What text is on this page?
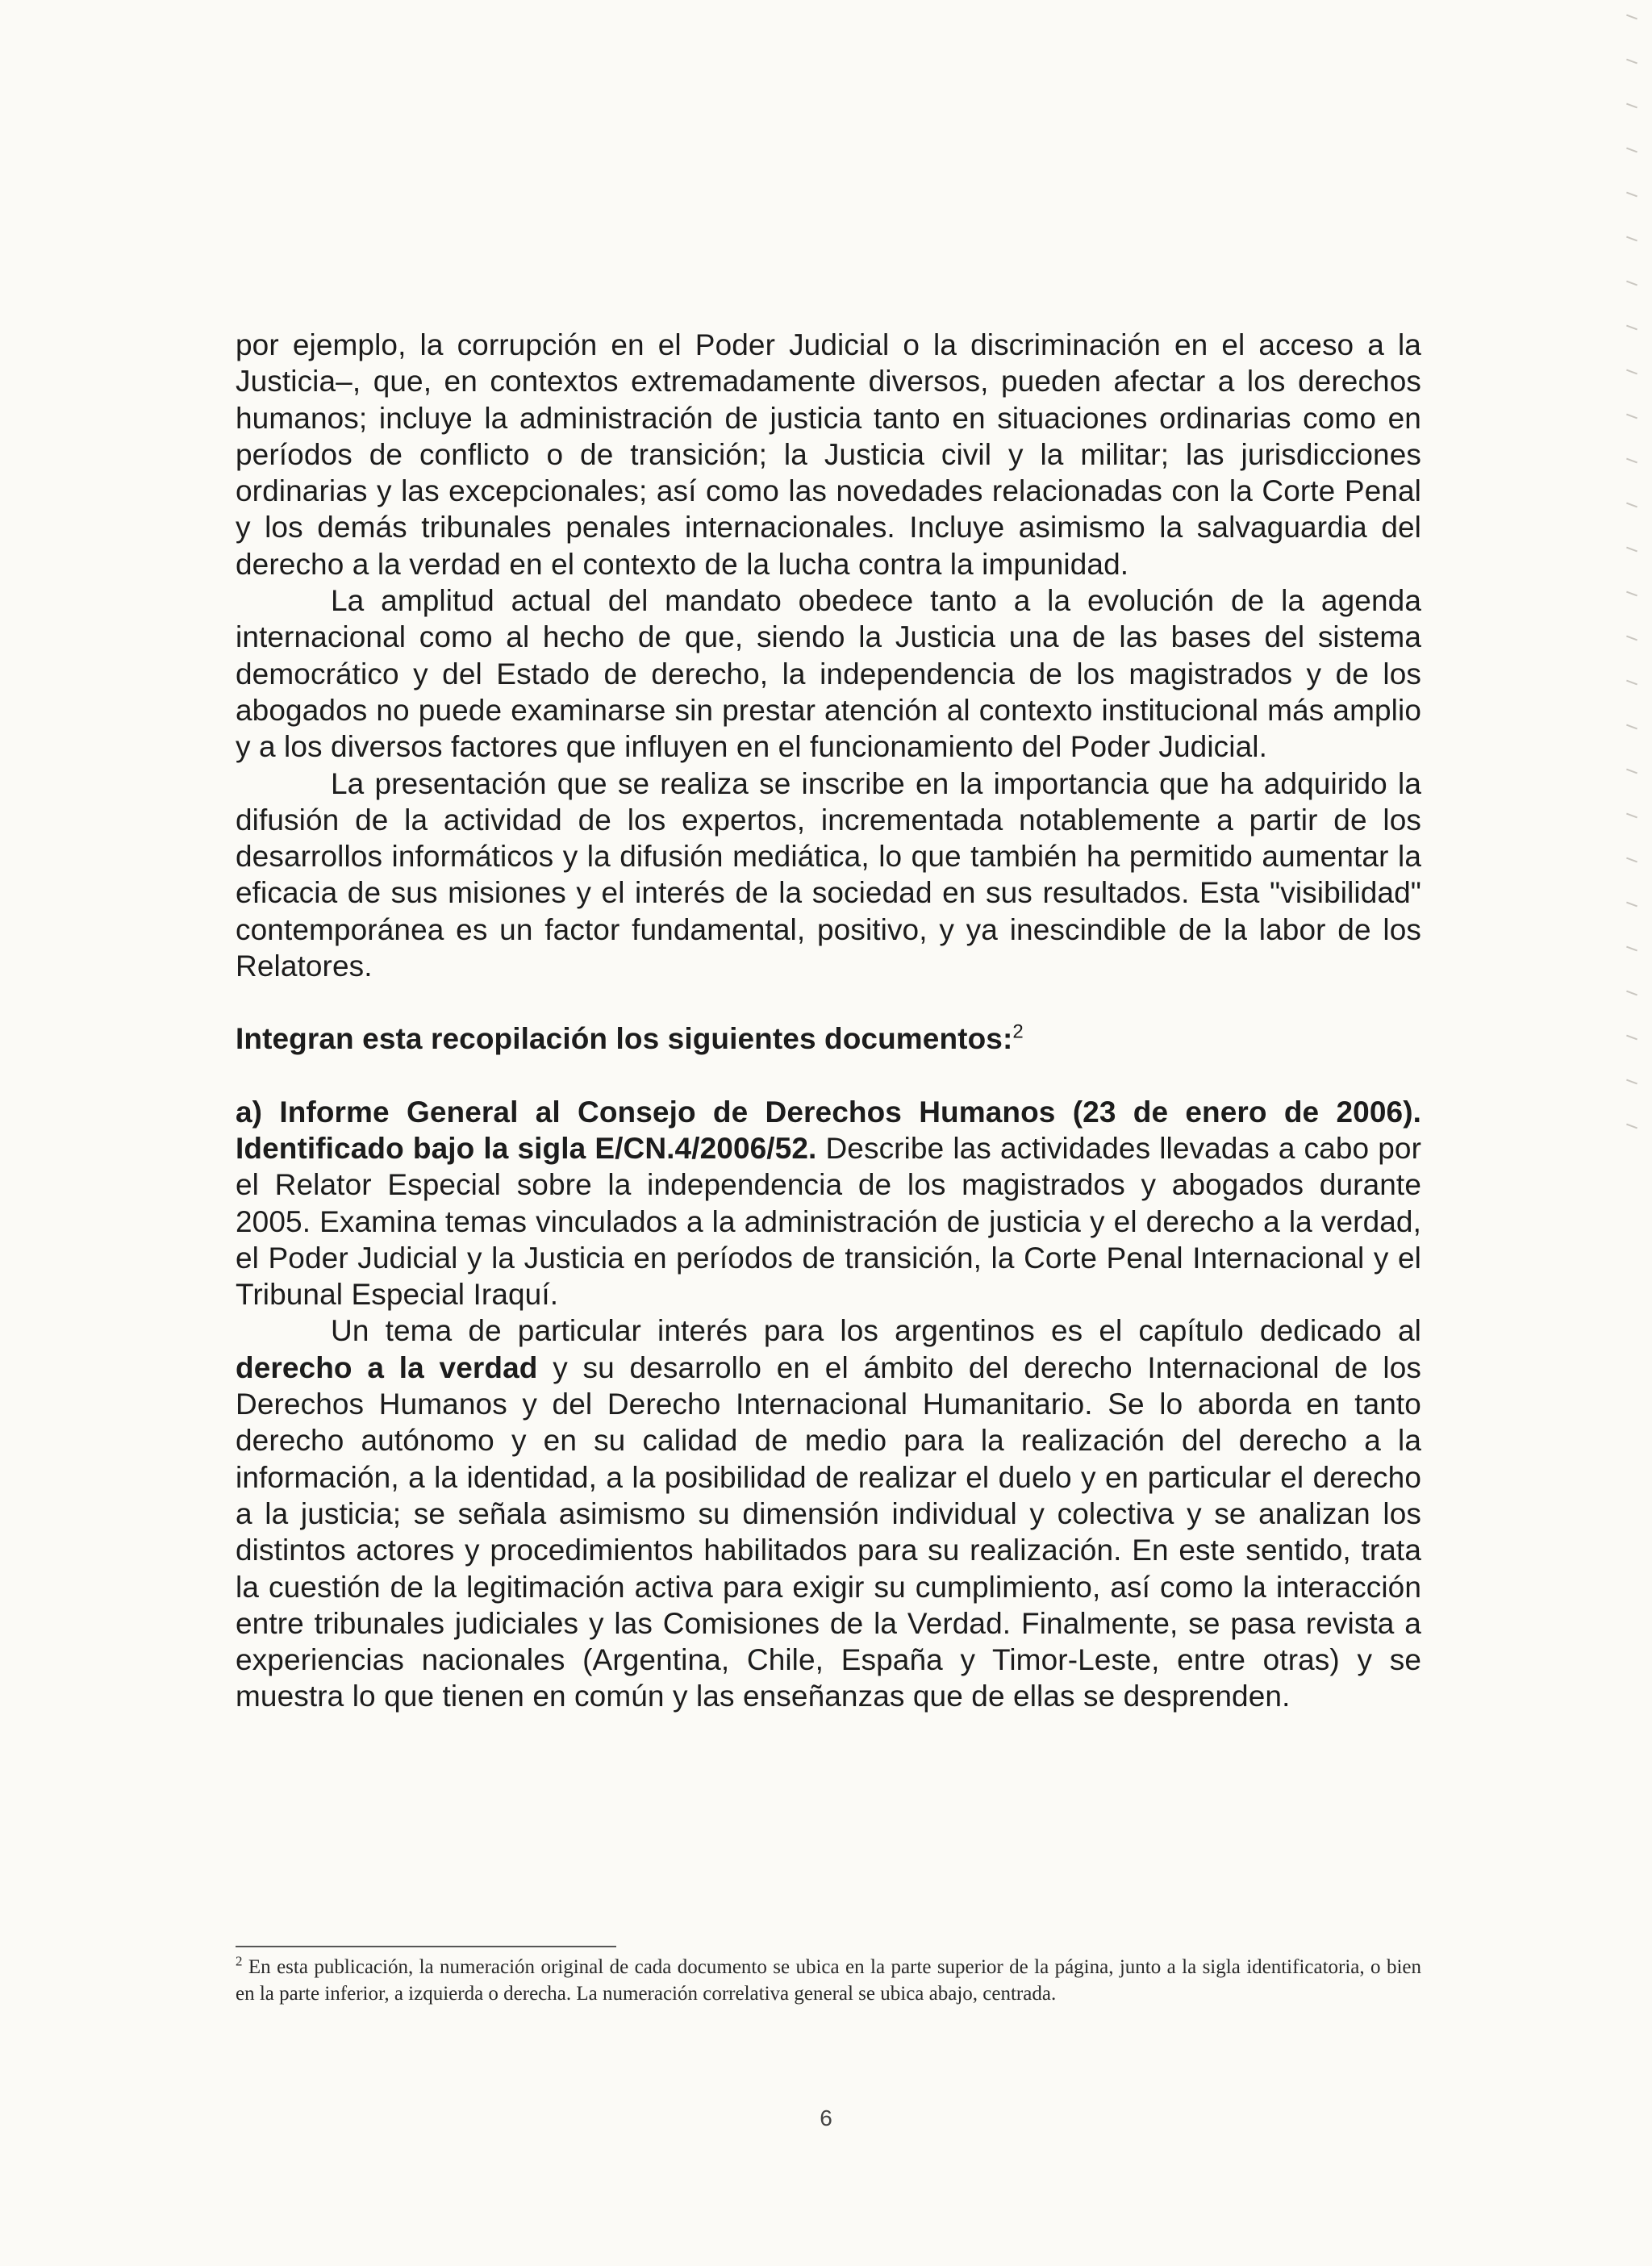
por ejemplo, la corrupción en el Poder Judicial o la discriminación en el acceso a la Justicia–, que, en contextos extremadamente diversos, pueden afectar a los derechos humanos; incluye la administración de justicia tanto en situaciones ordinarias como en períodos de conflicto o de transición; la Justicia civil y la militar; las jurisdicciones ordinarias y las excepcionales; así como las novedades relacionadas con la Corte Penal y los demás tribunales penales internacionales. Incluye asimismo la salvaguardia del derecho a la verdad en el contexto de la lucha contra la impunidad.

La amplitud actual del mandato obedece tanto a la evolución de la agenda internacional como al hecho de que, siendo la Justicia una de las bases del sistema democrático y del Estado de derecho, la independencia de los magistrados y de los abogados no puede examinarse sin prestar atención al contexto institucional más amplio y a los diversos factores que influyen en el funcionamiento del Poder Judicial.

La presentación que se realiza se inscribe en la importancia que ha adquirido la difusión de la actividad de los expertos, incrementada notablemente a partir de los desarrollos informáticos y la difusión mediática, lo que también ha permitido aumentar la eficacia de sus misiones y el interés de la sociedad en sus resultados. Esta "visibilidad" contemporánea es un factor fundamental, positivo, y ya inescindible de la labor de los Relatores.

Integran esta recopilación los siguientes documentos:$^2$

a) Informe General al Consejo de Derechos Humanos (23 de enero de 2006). Identificado bajo la sigla E/CN.4/2006/52. Describe las actividades llevadas a cabo por el Relator Especial sobre la independencia de los magistrados y abogados durante 2005. Examina temas vinculados a la administración de justicia y el derecho a la verdad, el Poder Judicial y la Justicia en períodos de transición, la Corte Penal Internacional y el Tribunal Especial Iraquí.

Un tema de particular interés para los argentinos es el capítulo dedicado al derecho a la verdad y su desarrollo en el ámbito del derecho Internacional de los Derechos Humanos y del Derecho Internacional Humanitario. Se lo aborda en tanto derecho autónomo y en su calidad de medio para la realización del derecho a la información, a la identidad, a la posibilidad de realizar el duelo y en particular el derecho a la justicia; se señala asimismo su dimensión individual y colectiva y se analizan los distintos actores y procedimientos habilitados para su realización. En este sentido, trata la cuestión de la legitimación activa para exigir su cumplimiento, así como la interacción entre tribunales judiciales y las Comisiones de la Verdad. Finalmente, se pasa revista a experiencias nacionales (Argentina, Chile, España y Timor-Leste, entre otras) y se muestra lo que tienen en común y las enseñanzas que de ellas se desprenden.

$^2$ En esta publicación, la numeración original de cada documento se ubica en la parte superior de la página, junto a la sigla identificatoria, o bien en la parte inferior, a izquierda o derecha. La numeración correlativa general se ubica abajo, centrada.
6
